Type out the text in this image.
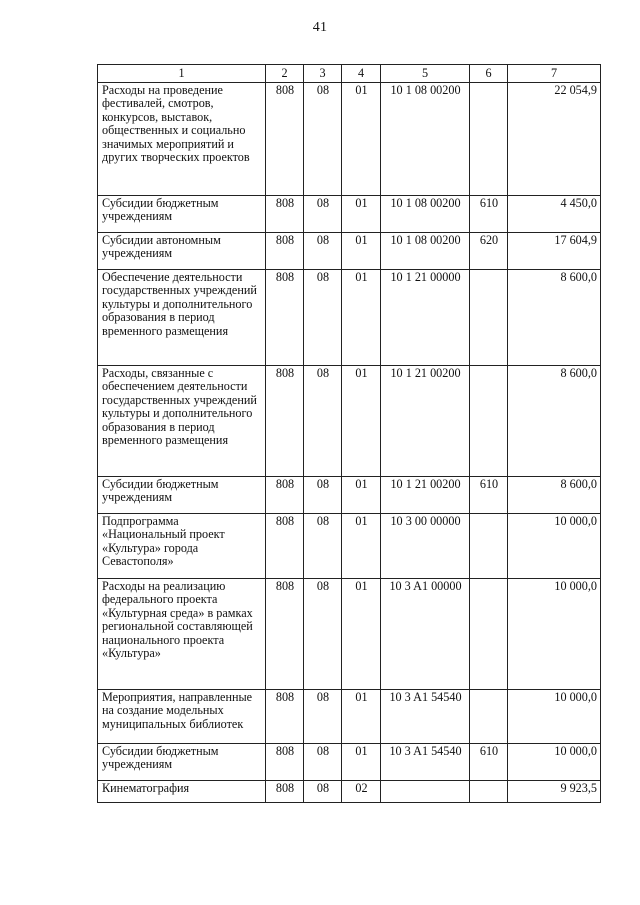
41
1	2	3	4	5	6	7
Расходы на проведение фестивалей, смотров, конкурсов, выставок, общественных и социально значимых мероприятий и других творческих проектов	808	08	01	10 1 08 00200		22 054,9
Субсидии бюджетным учреждениям	808	08	01	10 1 08 00200	610	4 450,0
Субсидии автономным учреждениям	808	08	01	10 1 08 00200	620	17 604,9
Обеспечение деятельности государственных учреждений культуры и дополнительного образования в период временного размещения	808	08	01	10 1 21 00000		8 600,0
Расходы, связанные с обеспечением деятельности государственных учреждений культуры и дополнительного образования в период временного размещения	808	08	01	10 1 21 00200		8 600,0
Субсидии бюджетным учреждениям	808	08	01	10 1 21 00200	610	8 600,0
Подпрограмма «Национальный проект «Культура» города Севастополя»	808	08	01	10 3 00 00000		10 000,0
Расходы на реализацию федерального проекта «Культурная среда» в рамках региональной составляющей национального проекта «Культура»	808	08	01	10 3 A1 00000		10 000,0
Мероприятия, направленные на создание модельных муниципальных библиотек	808	08	01	10 3 A1 54540		10 000,0
Субсидии бюджетным учреждениям	808	08	01	10 3 A1 54540	610	10 000,0
Кинематография	808	08	02			9 923,5
